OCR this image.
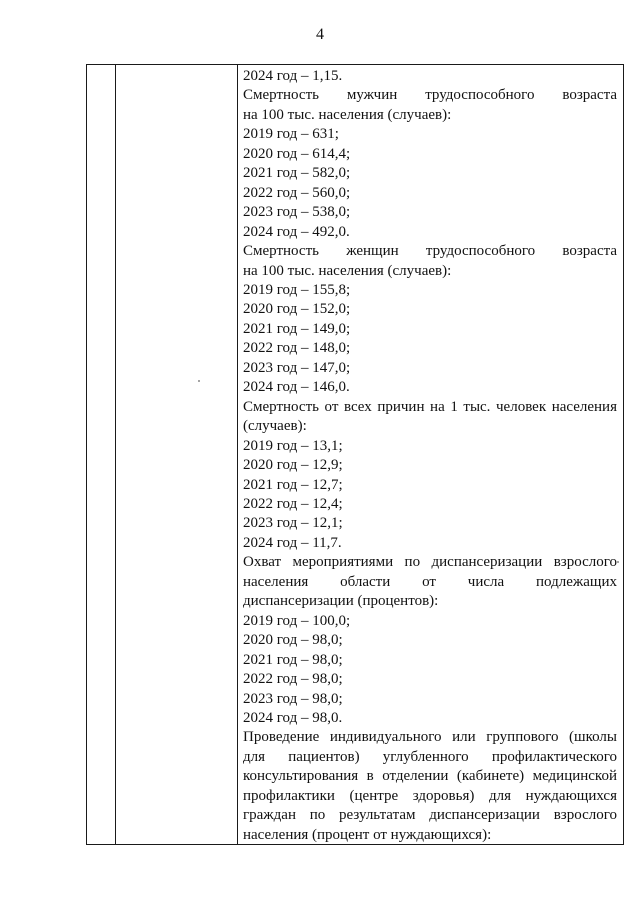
4
2024 год – 1,15.
Смертность мужчин трудоспособного возраста
на 100 тыс. населения (случаев):
2019 год – 631;
2020 год – 614,4;
2021 год – 582,0;
2022 год – 560,0;
2023 год – 538,0;
2024 год – 492,0.
Смертность женщин трудоспособного возраста
на 100 тыс. населения (случаев):
2019 год – 155,8;
2020 год – 152,0;
2021 год – 149,0;
2022 год – 148,0;
2023 год – 147,0;
2024 год – 146,0.
Смертность от всех причин на 1 тыс. человек населения
(случаев):
2019 год – 13,1;
2020 год – 12,9;
2021 год – 12,7;
2022 год – 12,4;
2023 год – 12,1;
2024 год – 11,7.
Охват мероприятиями по диспансеризации взрослого
населения области от числа подлежащих
диспансеризации (процентов):
2019 год – 100,0;
2020 год – 98,0;
2021 год – 98,0;
2022 год – 98,0;
2023 год – 98,0;
2024 год – 98,0.
Проведение индивидуального или группового (школы
для пациентов) углубленного профилактического
консультирования в отделении (кабинете) медицинской
профилактики (центре здоровья) для нуждающихся
граждан по результатам диспансеризации взрослого
населения (процент от нуждающихся):
